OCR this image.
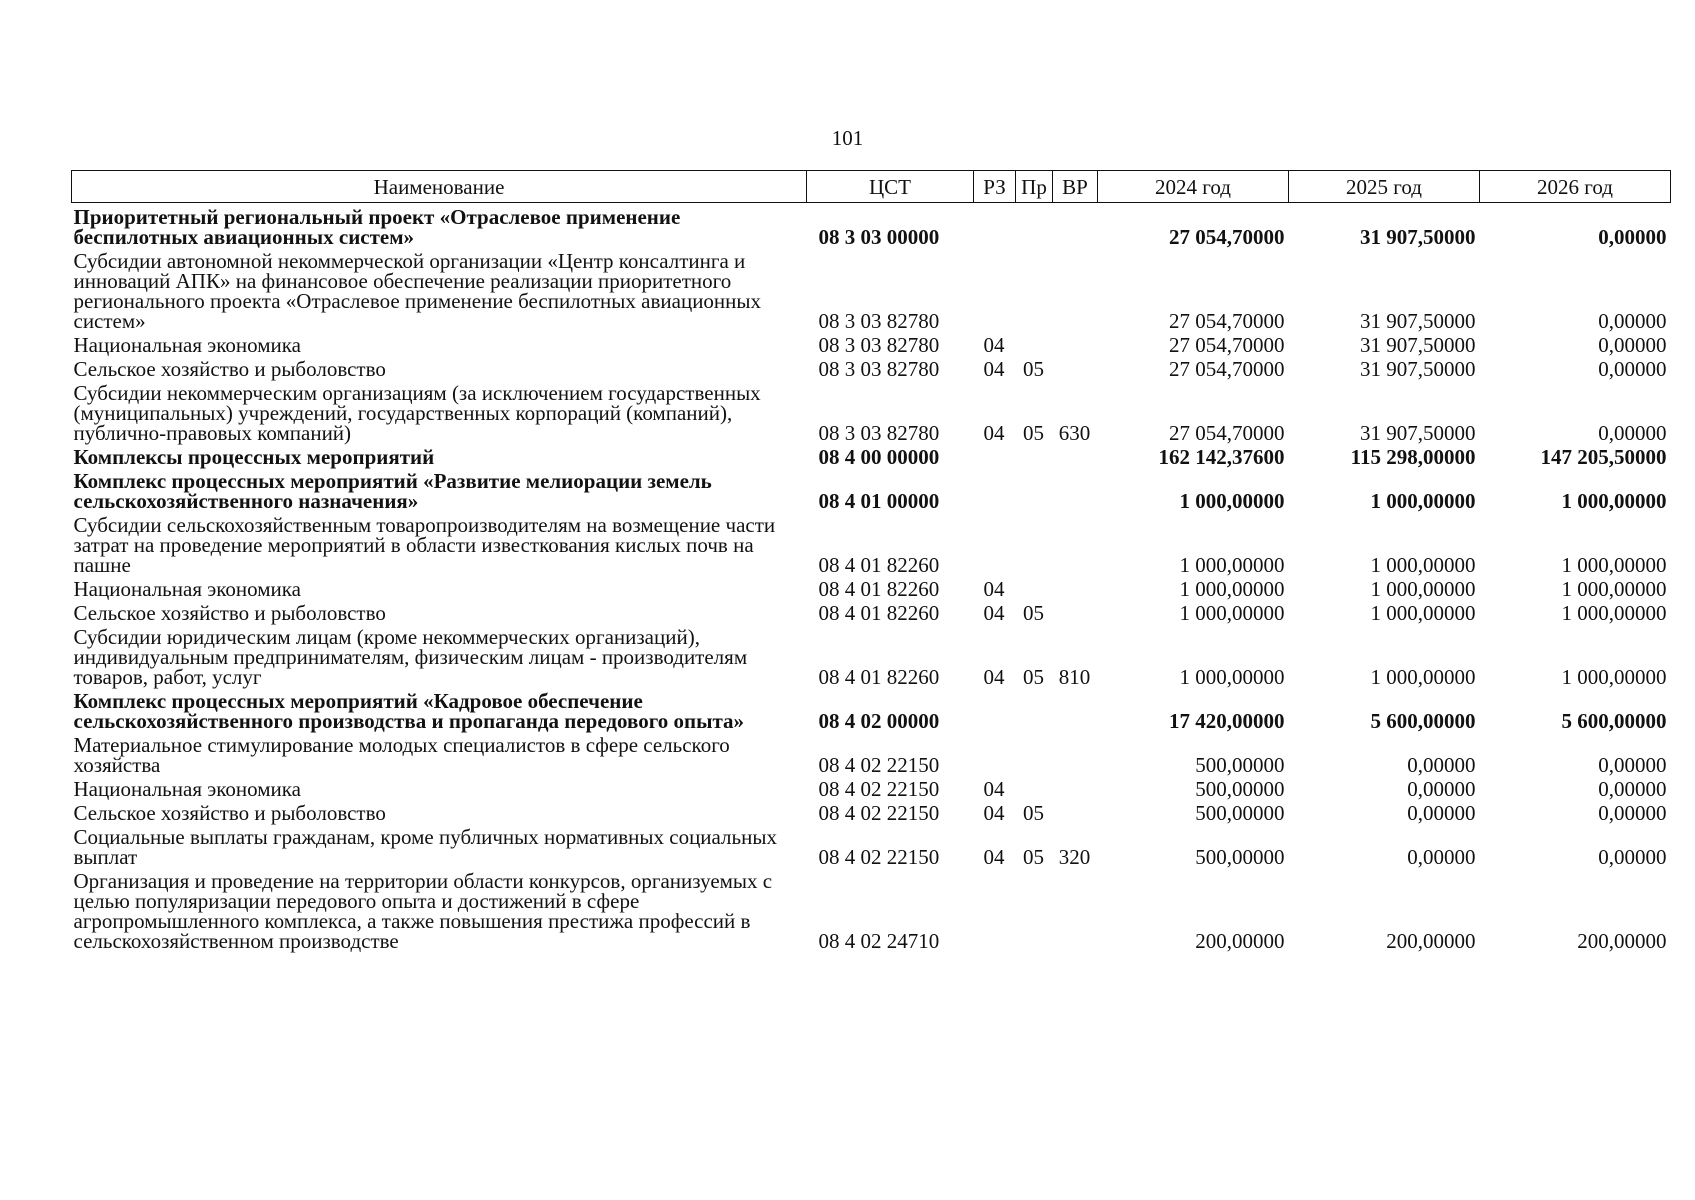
101
Наименование	ЦСТ	РЗ	Пр	ВР	2024 год	2025 год	2026 год
Приоритетный региональный проект «Отраслевое применение беспилотных авиационных систем»	08 3 03 00000				27 054,70000	31 907,50000	0,00000
Субсидии автономной некоммерческой организации «Центр консалтинга и инноваций АПК» на финансовое обеспечение реализации приоритетного регионального проекта «Отраслевое применение беспилотных авиационных систем»	08 3 03 82780				27 054,70000	31 907,50000	0,00000
Национальная экономика	08 3 03 82780	04			27 054,70000	31 907,50000	0,00000
Сельское хозяйство и рыболовство	08 3 03 82780	04	05		27 054,70000	31 907,50000	0,00000
Субсидии некоммерческим организациям (за исключением государственных (муниципальных) учреждений, государственных корпораций (компаний), публично-правовых компаний)	08 3 03 82780	04	05	630	27 054,70000	31 907,50000	0,00000
Комплексы процессных мероприятий	08 4 00 00000				162 142,37600	115 298,00000	147 205,50000
Комплекс процессных мероприятий «Развитие мелиорации земель сельскохозяйственного назначения»	08 4 01 00000				1 000,00000	1 000,00000	1 000,00000
Субсидии сельскохозяйственным товаропроизводителям на возмещение части затрат на проведение мероприятий в области известкования кислых почв на пашне	08 4 01 82260				1 000,00000	1 000,00000	1 000,00000
Национальная экономика	08 4 01 82260	04			1 000,00000	1 000,00000	1 000,00000
Сельское хозяйство и рыболовство	08 4 01 82260	04	05		1 000,00000	1 000,00000	1 000,00000
Субсидии юридическим лицам (кроме некоммерческих организаций), индивидуальным предпринимателям, физическим лицам - производителям товаров, работ, услуг	08 4 01 82260	04	05	810	1 000,00000	1 000,00000	1 000,00000
Комплекс процессных мероприятий «Кадровое обеспечение сельскохозяйственного производства и пропаганда передового опыта»	08 4 02 00000				17 420,00000	5 600,00000	5 600,00000
Материальное стимулирование молодых специалистов в сфере сельского хозяйства	08 4 02 22150				500,00000	0,00000	0,00000
Национальная экономика	08 4 02 22150	04			500,00000	0,00000	0,00000
Сельское хозяйство и рыболовство	08 4 02 22150	04	05		500,00000	0,00000	0,00000
Социальные выплаты гражданам, кроме публичных нормативных социальных выплат	08 4 02 22150	04	05	320	500,00000	0,00000	0,00000
Организация и проведение на территории области конкурсов, организуемых с целью популяризации передового опыта и достижений в сфере агропромышленного комплекса, а также повышения престижа профессий в сельскохозяйственном производстве	08 4 02 24710				200,00000	200,00000	200,00000
